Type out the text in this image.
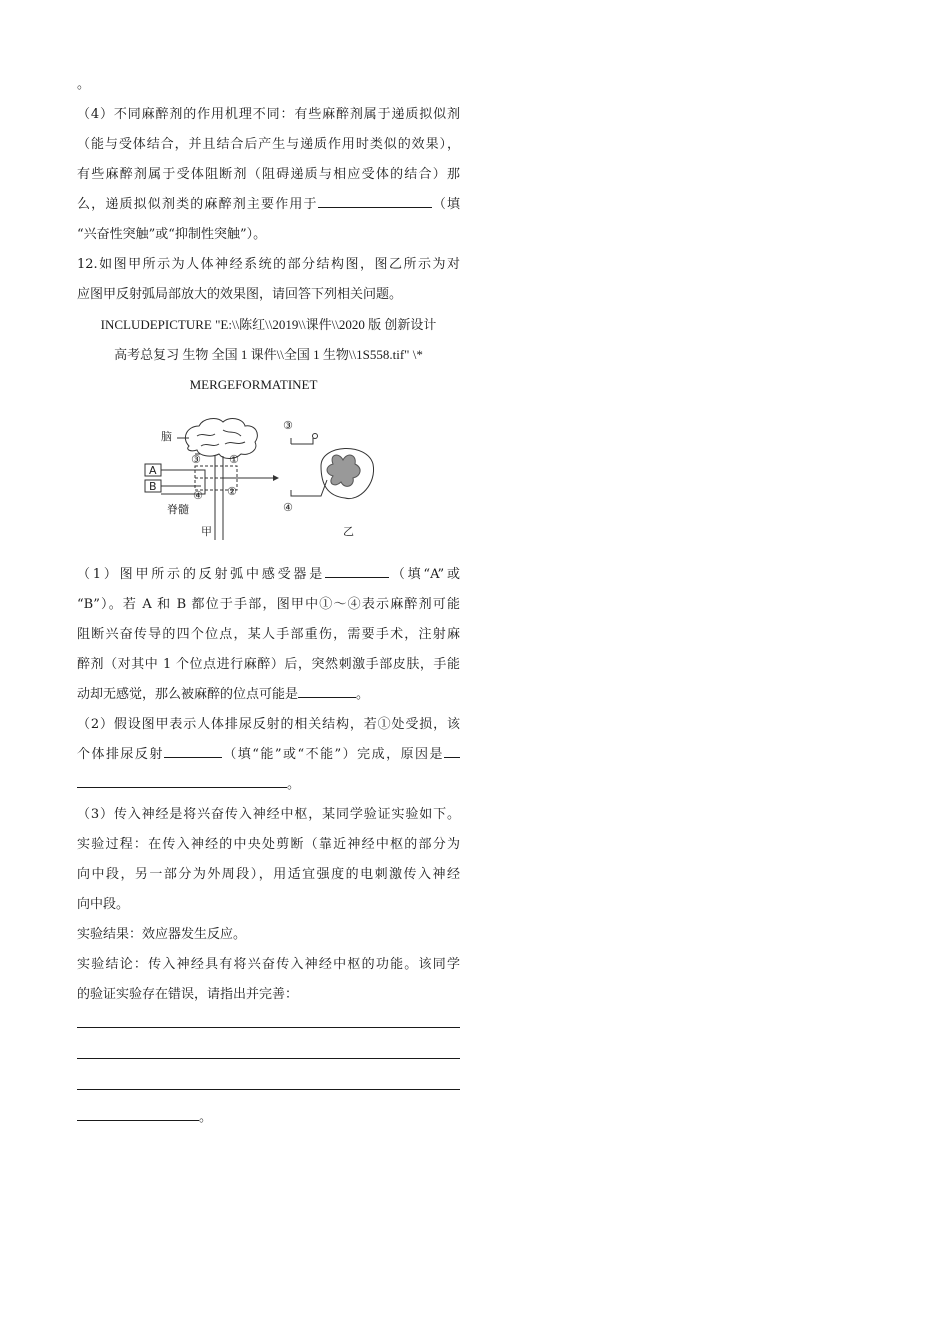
。
（4）不同麻醉剂的作用机理不同：有些麻醉剂属于递质拟似剂
（能与受体结合，并且结合后产生与递质作用时类似的效果），
有些麻醉剂属于受体阻断剂（阻碍递质与相应受体的结合）那
么，递质拟似剂类的麻醉剂主要作用于	（填
“兴奋性突触”或“抑制性突触”）。
12.如图甲所示为人体神经系统的部分结构图，图乙所示为对
应图甲反射弧局部放大的效果图，请回答下列相关问题。
INCLUDEPICTURE "E:\\陈红\\2019\\课件\\2020 版 创新设计
高考总复习 生物 全国 1 课件\\全国 1 生物\\1S558.tif" \*
MERGEFORMATINET
脑
A
B
③	①
②
④
脊髓
甲
③
④
乙
（1）图甲所示的反射弧中感受器是	（填“A”或
“B”）。若 A 和 B 都位于手部，图甲中①～④表示麻醉剂可能
阻断兴奋传导的四个位点，某人手部重伤，需要手术，注射麻
醉剂（对其中 1 个位点进行麻醉）后，突然刺激手部皮肤，手能
动却无感觉，那么被麻醉的位点可能是	。
（2）假设图甲表示人体排尿反射的相关结构，若①处受损，该
个体排尿反射	（填“能”或“不能”）完成，原因是
。
（3）传入神经是将兴奋传入神经中枢，某同学验证实验如下。
实验过程：在传入神经的中央处剪断（靠近神经中枢的部分为
向中段，另一部分为外周段），用适宜强度的电刺激传入神经
向中段。
实验结果：效应器发生反应。
实验结论：传入神经具有将兴奋传入神经中枢的功能。该同学
的验证实验存在错误，请指出并完善：
。
